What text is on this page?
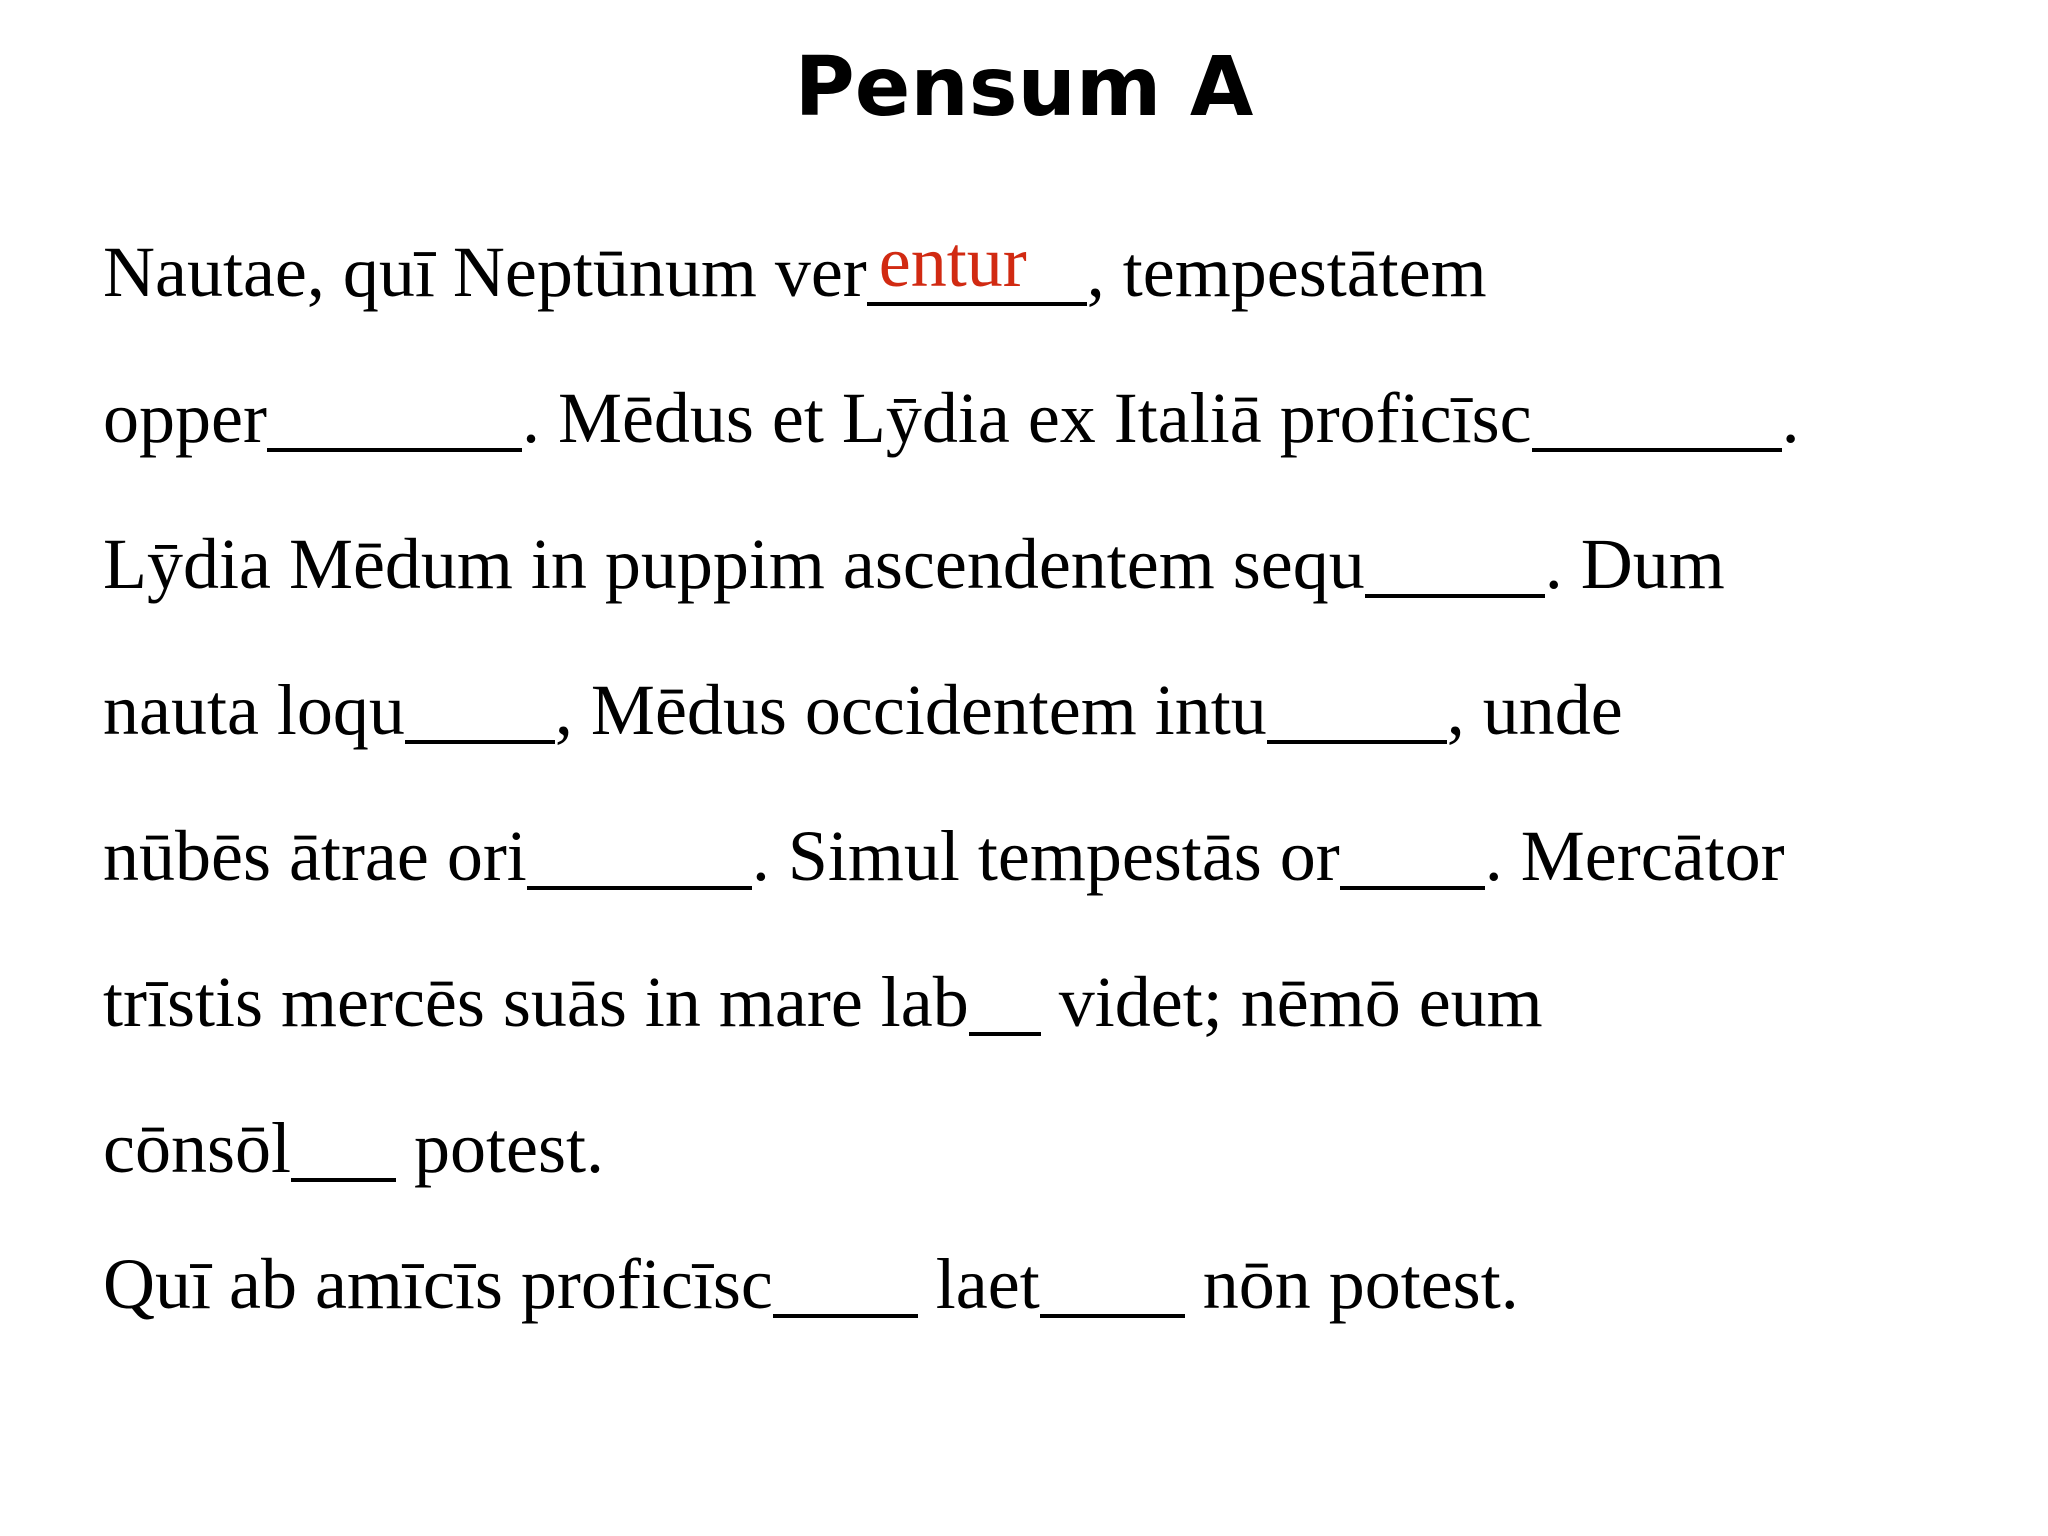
Pensum A
Nautae, quī Neptūnum ver entur , tempestātem
opper	. Mēdus et Lȳdia ex Italiā proficīsc	.
Lȳdia Mēdum in puppim ascendentem sequ	. Dum
nauta loqu , Mēdus occidentem intu	, unde
nūbēs ātrae ori	. Simul tempestās or . Mercātor
trīstis mercēs suās in mare lab videt; nēmō eum
cōnsōl potest.
Quī ab amīcīs proficīsc laet nōn potest.
